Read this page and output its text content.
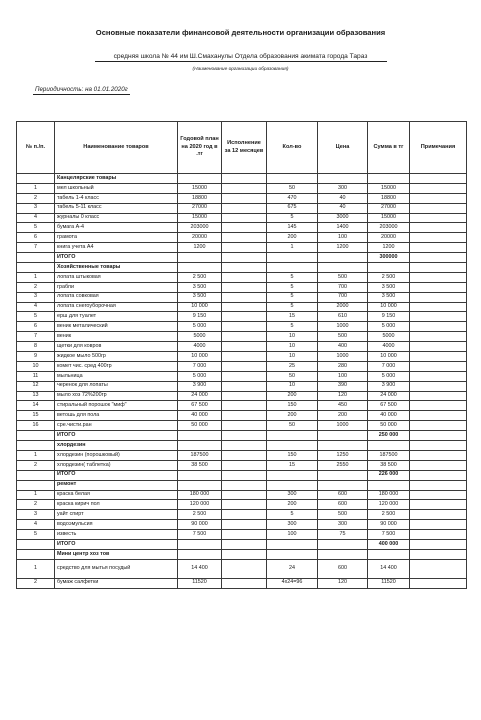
Основные показатели финансовой деятельности организации образования
средняя школа № 44 им Ш.Смаханулы Отдела образования акимата города Тараз
(Наименование организации образования)
Периодичность: на 01.01.2020г
№ п./п.	Наименование товаров	Годовой план на 2020 год в .тг	Исполнение за 12 месяцев	Кол-во	Цена	Сумма в тг	Примечания
	Канцелярские товары						
1	мел школьный	15000		50	300	15000	
2	табель 1-4 класс	18800		470	40	18800	
3	табель 5-11 класс	27000		675	40	27000	
4	журналы 0 класс	15000		5	3000	15000	
5	бумага А-4	203000		145	1400	203000	
6	грамота	20000		200	100	20000	
7	книга учета А4	1200		1	1200	1200	
	ИТОГО					300000	
	Хозяйственные товары						
1	лопата штыковая	2 500		5	500	2 500	
2	грабли	3 500		5	700	3 500	
3	лопата совковая	3 500		5	700	3 500	
4	лопата снегоуборочная	10 000		5	2000	10 000	
5	ерш для туалет	9 150		15	610	9 150	
6	веник металический	5 000		5	1000	5 000	
7	веник	5000		10	500	5000	
8	щетки для ковров	4000		10	400	4000	
9	жидкое мыло 500гр	10 000		10	1000	10 000	
10	комет чис. сред 400гр	7 000		25	280	7 000	
11	мыльница	5 000		50	100	5 000	
12	черенок для лопаты	3 900		10	390	3 900	
13	мыло хоз 72%200гр	24 000		200	120	24 000	
14	стиральный порошок "миф"	67 500		150	450	67 500	
15	ветошь для пола	40 000		200	200	40 000	
16	сре.чисти.ран	50 000		50	1000	50 000	
	ИТОГО					250 000	
	хлордезин						
1	хлордезин (порошковый)	187500		150	1250	187500	
2	хлордезин( таблетка)	38 500		15	2550	38 500	
	ИТОГО					226 000	
	ремонт						
1	краска белая	180 000		300	600	180 000	
2	краска кирич пол	120 000		200	600	120 000	
3	уайт спирт	2 500		5	500	2 500	
4	водоэмульсия	90 000		300	300	90 000	
5	известь	7 500		100	75	7 500	
	ИТОГО					400 000	
	Мини центр хоз тов						
1	средство для мытья посудый	14 400		24	600	14 400	
2	бумаж салфетки	11520		4х24=96	120	11520	
